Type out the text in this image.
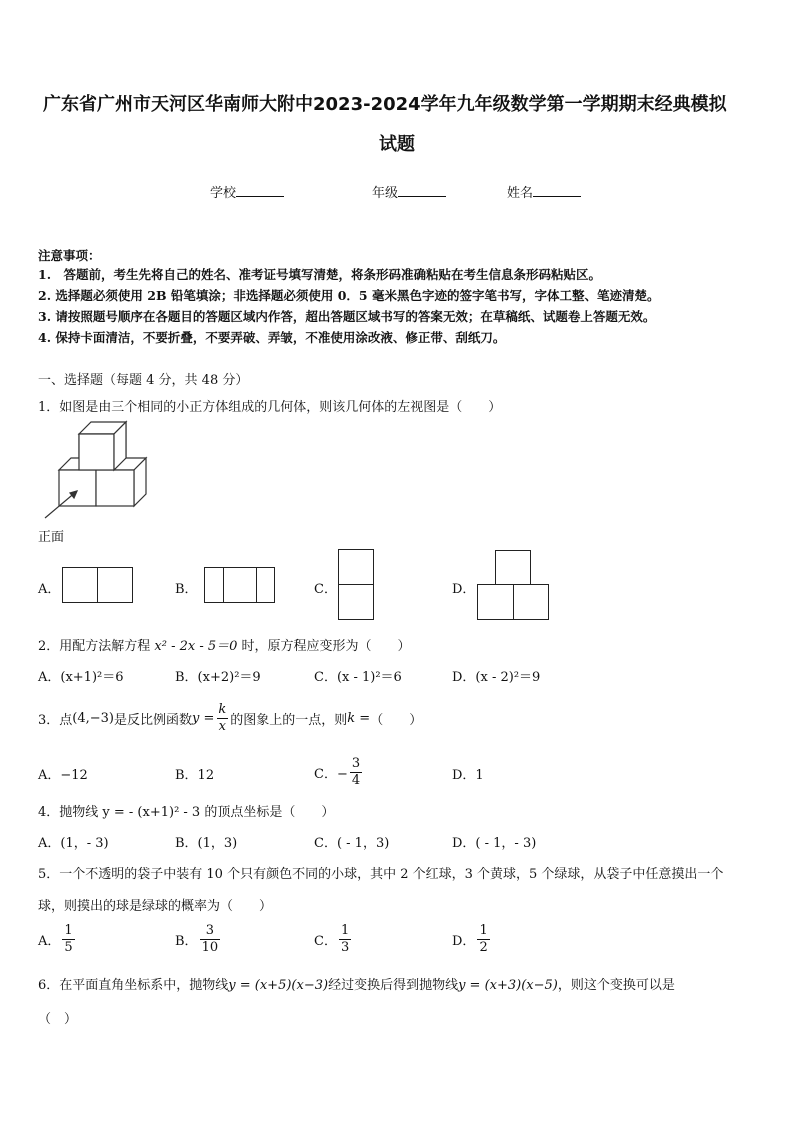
广东省广州市天河区华南师大附中2023-2024学年九年级数学第一学期期末经典模拟
试题
学校	年级	姓名
注意事项：
1.　答题前，考生先将自己的姓名、准考证号填写清楚，将条形码准确粘贴在考生信息条形码粘贴区。
2. 选择题必须使用 2B 铅笔填涂；非选择题必须使用 0．5 毫米黑色字迹的签字笔书写，字体工整、笔迹清楚。
3. 请按照题号顺序在各题目的答题区域内作答，超出答题区域书写的答案无效；在草稿纸、试题卷上答题无效。
4. 保持卡面清洁，不要折叠，不要弄破、弄皱，不准使用涂改液、修正带、刮纸刀。
一、选择题（每题 4 分，共 48 分）
1．如图是由三个相同的小正方体组成的几何体，则该几何体的左视图是（　　）
正面
A．	B．	C．	D．
2．用配方法解方程 x² - 2x - 5＝0 时，原方程应变形为（　　）
A．(x+1)²＝6	B．(x+2)²＝9	C．(x - 1)²＝6	D．(x - 2)²＝9
3．点 (4,−3) 是反比例函数 $y = \frac{k}{x}$ 的图象上的一点，则 k = （　　）
A．−12	B．12	C．− $\frac{3}{4}$	D．1
4．抛物线 y = - (x+1)² - 3 的顶点坐标是（　　）
A．(1，- 3)	B．(1，3)	C．( - 1，3)	D．( - 1，- 3)
5．一个不透明的袋子中装有 10 个只有颜色不同的小球，其中 2 个红球，3 个黄球，5 个绿球，从袋子中任意摸出一个
球，则摸出的球是绿球的概率为（　　）
A． $\frac{1}{5}$	B． $\frac{3}{10}$	C． $\frac{1}{3}$	D． $\frac{1}{2}$
6．在平面直角坐标系中，抛物线y = (x+5)(x−3)经过变换后得到抛物线y = (x+3)(x−5)，则这个变换可以是
（　）
